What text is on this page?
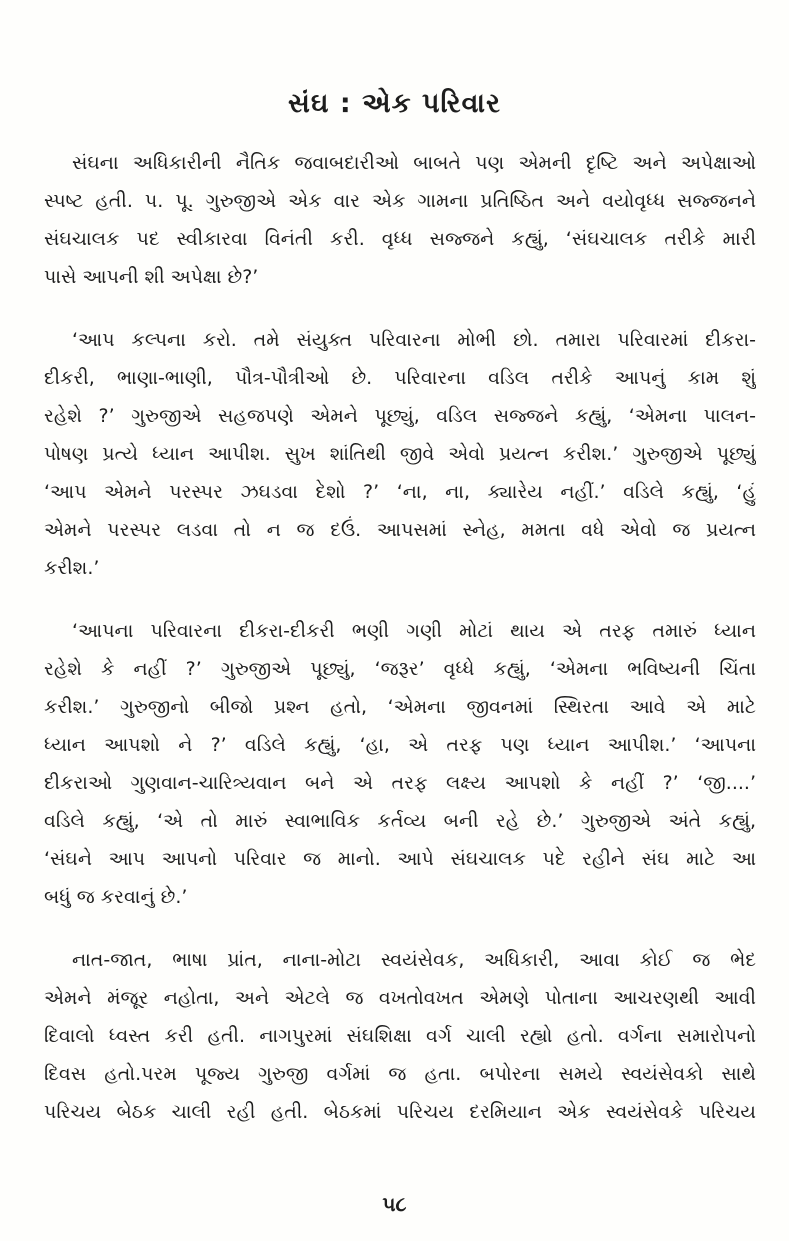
સંઘ : એક પરિવાર
સંઘના અધિકારીની નૈતિક જવાબદારીઓ બાબતે પણ એમની દૃષ્ટિ અને અપેક્ષાઓ
સ્પષ્ટ હતી. પ. પૂ. ગુરુજીએ એક વાર એક ગામના પ્રતિષ્ઠિત અને વયોવૃધ્ધ સજ્જનને
સંઘચાલક પદ સ્વીકારવા વિનંતી કરી. વૃધ્ધ સજ્જને કહ્યું, ‘સંઘચાલક તરીકે મારી
પાસે આપની શી અપેક્ષા છે?’
‘આપ કલ્પના કરો. તમે સંયુક્ત પરિવારના મોભી છો. તમારા પરિવારમાં દીકરા-
દીકરી, ભાણા-ભાણી, પૌત્ર-પૌત્રીઓ છે. પરિવારના વડિલ તરીકે આપનું કામ શું
રહેશે ?’ ગુરુજીએ સહજપણે એમને પૂછ્યું, વડિલ સજ્જને કહ્યું, ‘એમના પાલન-
પોષણ પ્રત્યે ધ્યાન આપીશ. સુખ શાંતિથી જીવે એવો પ્રયત્ન કરીશ.’ ગુરુજીએ પૂછ્યું
‘આપ એમને પરસ્પર ઝઘડવા દેશો ?’ ‘ના, ના, ક્યારેય નહીં.’ વડિલે કહ્યું, ‘હું
એમને પરસ્પર લડવા તો ન જ દઉં. આપસમાં સ્નેહ, મમતા વધે એવો જ પ્રયત્ન
કરીશ.’
‘આપના પરિવારના દીકરા-દીકરી ભણી ગણી મોટાં થાય એ તરફ તમારું ધ્યાન
રહેશે કે નહીં ?’ ગુરુજીએ પૂછ્યું, ‘જરૂર’ વૃધ્ધે કહ્યું, ‘એમના ભવિષ્યની ચિંતા
કરીશ.’ ગુરુજીનો બીજો પ્રશ્ન હતો, ‘એમના જીવનમાં સ્થિરતા આવે એ માટે
ધ્યાન આપશો ને ?’ વડિલે કહ્યું, ‘હા, એ તરફ પણ ધ્યાન આપીશ.’ ‘આપના
દીકરાઓ ગુણવાન-ચારિત્ર્યવાન બને એ તરફ લક્ષ્ય આપશો કે નહીં ?’ ‘જી....’
વડિલે કહ્યું, ‘એ તો મારું સ્વાભાવિક કર્તવ્ય બની રહે છે.’ ગુરુજીએ અંતે કહ્યું,
‘સંઘને આપ આપનો પરિવાર જ માનો. આપે સંઘચાલક પદે રહીને સંઘ માટે આ
બધું જ કરવાનું છે.’
નાત-જાત, ભાષા પ્રાંત, નાના-મોટા સ્વયંસેવક, અધિકારી, આવા કોઈ જ ભેદ
એમને મંજૂર નહોતા, અને એટલે જ વખતોવખત એમણે પોતાના આચરણથી આવી
દિવાલો ધ્વસ્ત કરી હતી. નાગપુરમાં સંઘશિક્ષા વર્ગ ચાલી રહ્યો હતો. વર્ગના સમારોપનો
દિવસ હતો.પરમ પૂજ્ય ગુરુજી વર્ગમાં જ હતા. બપોરના સમયે સ્વયંસેવકો સાથે
પરિચય બેઠક ચાલી રહી હતી. બેઠકમાં પરિચય દરમિયાન એક સ્વયંસેવકે પરિચય
૫૮
